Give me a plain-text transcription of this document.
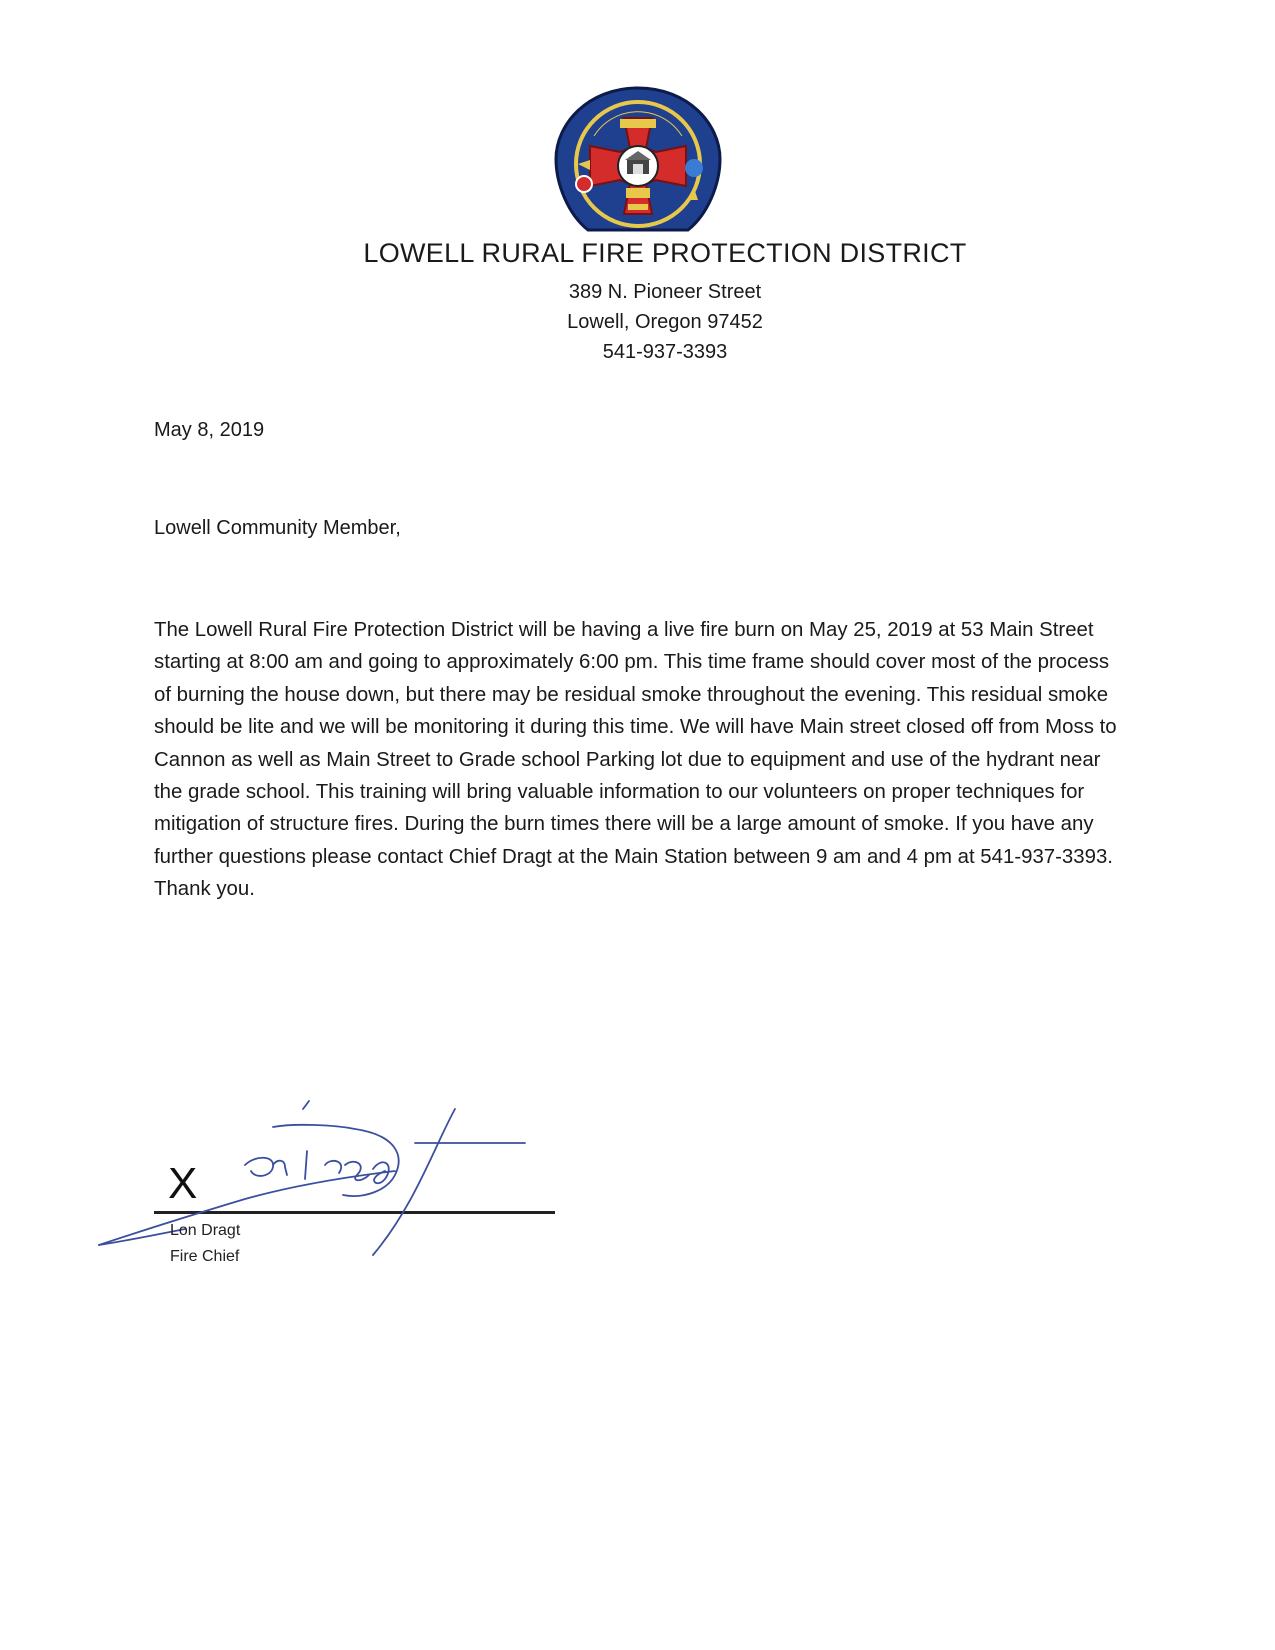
LOWELL RURAL FIRE PROTECTION DISTRICT
389 N. Pioneer Street
Lowell, Oregon 97452
541-937-3393
May 8, 2019
Lowell Community Member,

The Lowell Rural Fire Protection District will be having a live fire burn on May 25, 2019 at 53 Main Street starting at 8:00 am and going to approximately 6:00 pm. This time frame should cover most of the process of burning the house down, but there may be residual smoke throughout the evening. This residual smoke should be lite and we will be monitoring it during this time. We will have Main street closed off from Moss to Cannon as well as Main Street to Grade school Parking lot due to equipment and use of the hydrant near the grade school. This training will bring valuable information to our volunteers on proper techniques for mitigation of structure fires. During the burn times there will be a large amount of smoke. If you have any further questions please contact Chief Dragt at the Main Station between 9 am and 4 pm at 541-937-3393. Thank you.

X
Lon Dragt
Fire Chief
